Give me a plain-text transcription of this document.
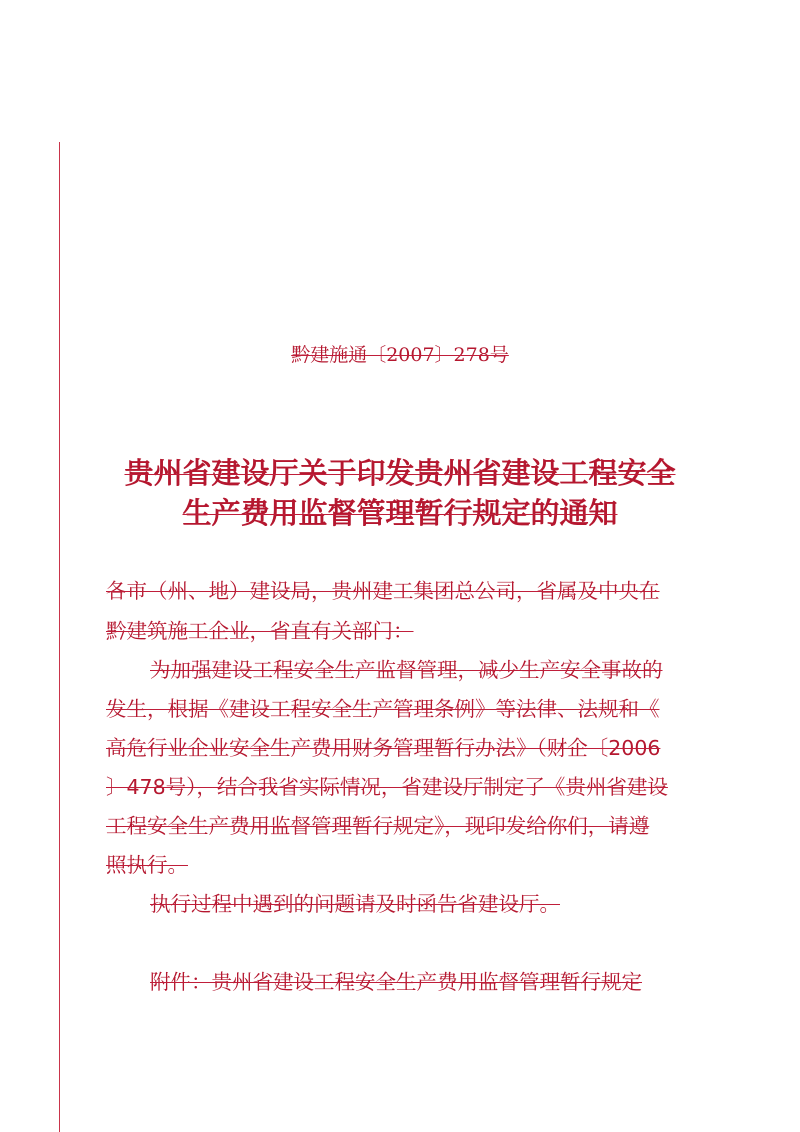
黔建施通〔2007〕278号
贵州省建设厅关于印发贵州省建设工程安全
生产费用监督管理暂行规定的通知
各市（州、地）建设局，贵州建工集团总公司，省属及中央在
黔建筑施工企业，省直有关部门：
为加强建设工程安全生产监督管理，减少生产安全事故的
发生，根据《建设工程安全生产管理条例》等法律、法规和《
高危行业企业安全生产费用财务管理暂行办法》（财企〔2006
〕478号），结合我省实际情况，省建设厅制定了《贵州省建设
工程安全生产费用监督管理暂行规定》，现印发给你们，请遵
照执行。
执行过程中遇到的问题请及时函告省建设厅。
附件：贵州省建设工程安全生产费用监督管理暂行规定
